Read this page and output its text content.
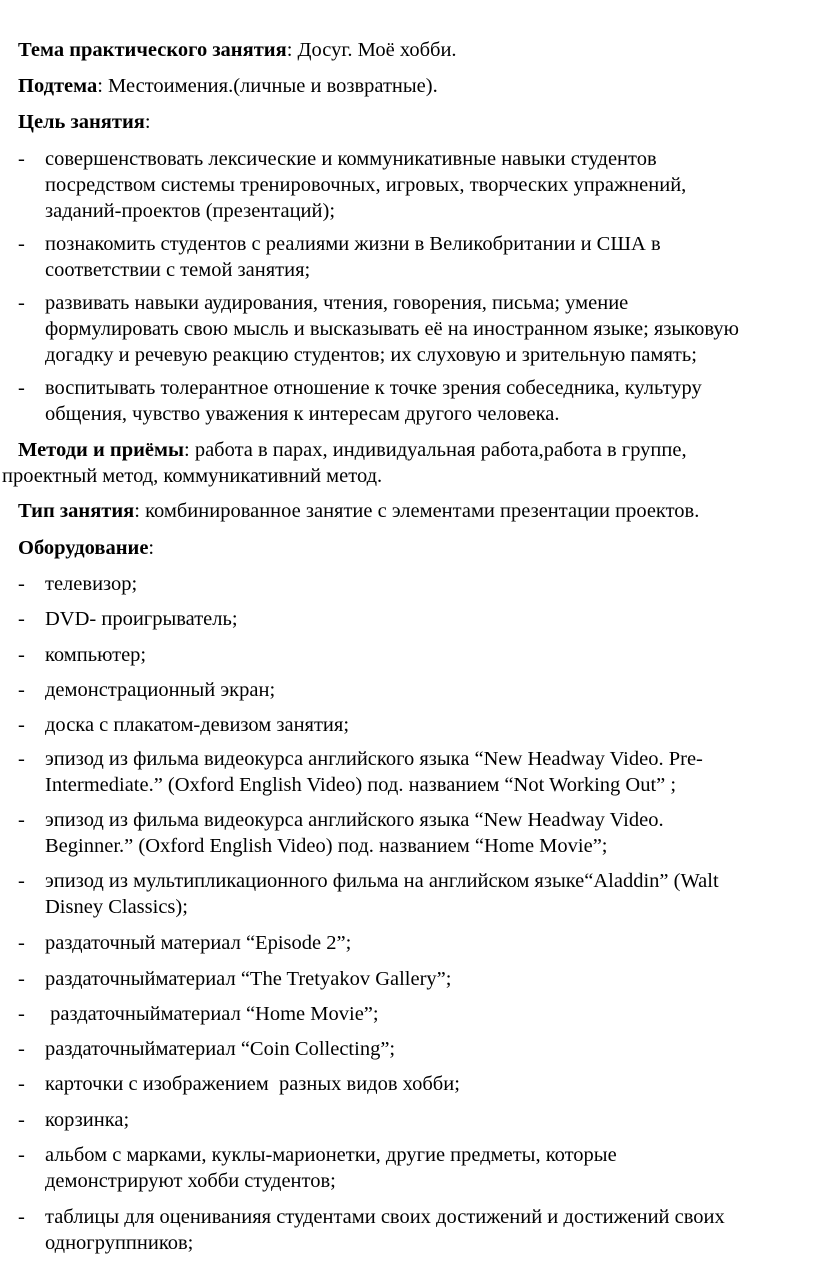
Тема практического занятия: Досуг. Моё хобби.
Подтема: Местоимения.(личные и возвратные).
Цель занятия:
- совершенствовать лексические и коммуникативные навыки студентов
посредством системы тренировочных, игровых, творческих упражнений,
заданий-проектов (презентаций);
- познакомить студентов с реалиями жизни в Великобритании и США в
соответствии с темой занятия;
- развивать навыки аудирования, чтения, говорения, письма; умение
формулировать свою мысль и высказывать её на иностранном языке; языковую
догадку и речевую реакцию студентов; их слуховую и зрительную память;
- воспитывать толерантное отношение к точке зрения собеседника, культуру
общения, чувство уважения к интересам другого человека.
Методи и приёмы: работа в парах, индивидуальная работа,работа в группе,
проектный метод, коммуникативний метод.
Тип занятия: комбинированное занятие с элементами презентации проектов.
Оборудование:
- телевизор;
- DVD- проигрыватель;
- компьютер;
- демонстрационный экран;
- доска с плакатом-девизом занятия;
- эпизод из фильма видеокурса английского языка “New Headway Video. Pre-
Intermediate.” (Oxford English Video) под. названием “Not Working Out” ;
- эпизод из фильма видеокурса английского языка “New Headway Video.
Beginner.” (Oxford English Video) под. названием “Home Movie”;
- эпизод из мультипликационного фильма на английском языке“Aladdin” (Walt
Disney Classics);
- раздаточный материал “Episode 2”;
- раздаточныйматериал “The Tretyakov Gallery”;
- раздаточныйматериал “Home Movie”;
- раздаточныйматериал “Coin Collecting”;
- карточки с изображением  разных видов хобби;
- корзинка;
- альбом с марками, куклы-марионетки, другие предметы, которые
демонстрируют хобби студентов;
- таблицы для оцениванияя студентами своих достижений и достижений своих
одногруппников;
